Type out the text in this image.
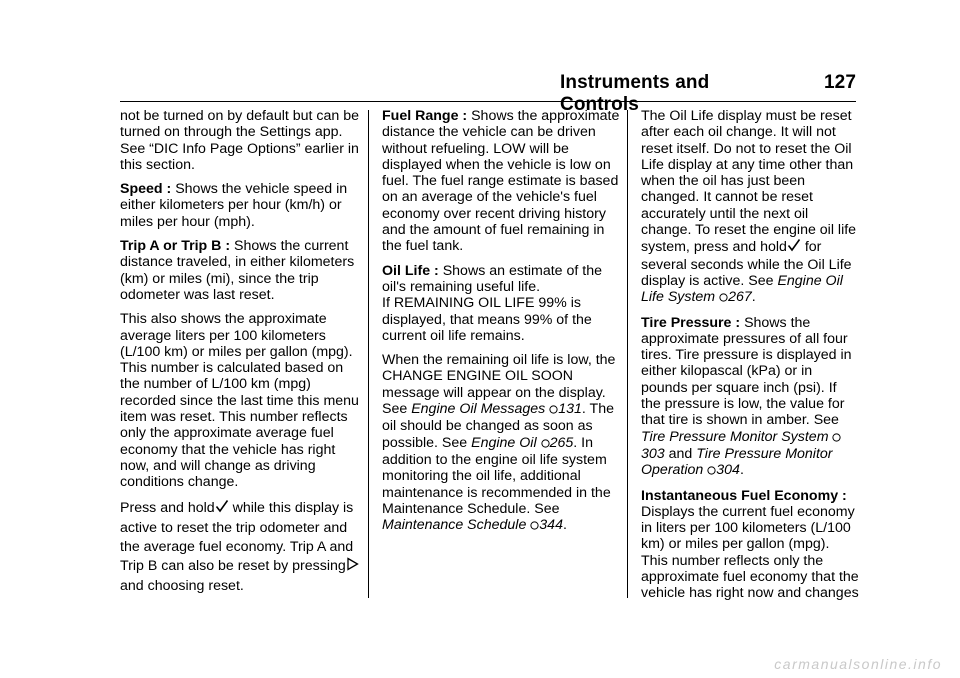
Instruments and Controls
127

not be turned on by default but can be turned on through the Settings app. See “DIC Info Page Options” earlier in this section.

Speed : Shows the vehicle speed in either kilometers per hour (km/h) or miles per hour (mph).

Trip A or Trip B : Shows the current distance traveled, in either kilometers (km) or miles (mi), since the trip odometer was last reset.

This also shows the approximate average liters per 100 kilometers (L/100 km) or miles per gallon (mpg). This number is calculated based on the number of L/100 km (mpg) recorded since the last time this menu item was reset. This number reflects only the approximate average fuel economy that the vehicle has right now, and will change as driving conditions change.

Press and hold while this display is active to reset the trip odometer and the average fuel economy. Trip A and Trip B can also be reset by pressing and choosing reset.

Fuel Range : Shows the approximate distance the vehicle can be driven without refueling. LOW will be displayed when the vehicle is low on fuel. The fuel range estimate is based on an average of the vehicle's fuel economy over recent driving history and the amount of fuel remaining in the fuel tank.

Oil Life : Shows an estimate of the oil's remaining useful life.
If REMAINING OIL LIFE 99% is displayed, that means 99% of the current oil life remains.

When the remaining oil life is low, the CHANGE ENGINE OIL SOON message will appear on the display. See Engine Oil Messages 131. The oil should be changed as soon as possible. See Engine Oil 265. In addition to the engine oil life system monitoring the oil life, additional maintenance is recommended in the Maintenance Schedule. See Maintenance Schedule 344.

The Oil Life display must be reset after each oil change. It will not reset itself. Do not to reset the Oil Life display at any time other than when the oil has just been changed. It cannot be reset accurately until the next oil change. To reset the engine oil life system, press and hold for several seconds while the Oil Life display is active. See Engine Oil Life System 267.

Tire Pressure : Shows the approximate pressures of all four tires. Tire pressure is displayed in either kilopascal (kPa) or in pounds per square inch (psi). If the pressure is low, the value for that tire is shown in amber. See Tire Pressure Monitor System 303 and Tire Pressure Monitor Operation 304.

Instantaneous Fuel Economy :
Displays the current fuel economy in liters per 100 kilometers (L/100 km) or miles per gallon (mpg). This number reflects only the approximate fuel economy that the vehicle has right now and changes

carmanualsonline.info
